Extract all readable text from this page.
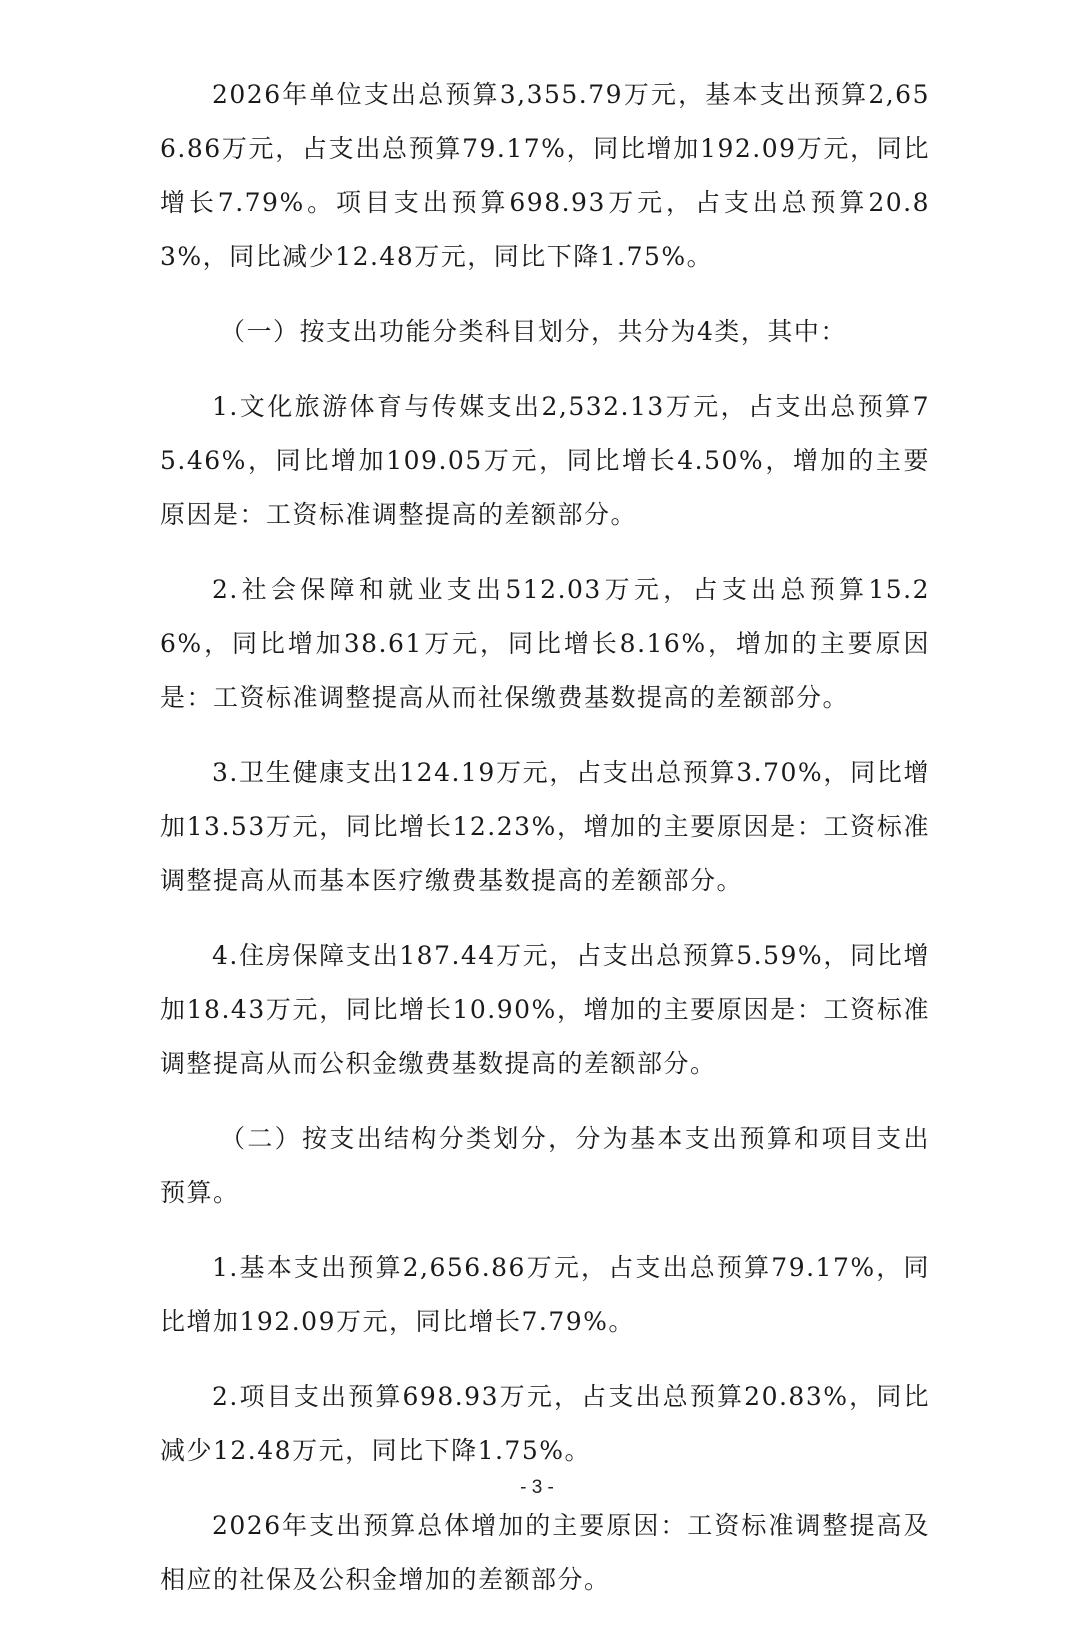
2026年单位支出总预算3,355.79万元，基本支出预算2,656.86万元，占支出总预算79.17%，同比增加192.09万元，同比增长7.79%。项目支出预算698.93万元，占支出总预算20.83%，同比减少12.48万元，同比下降1.75%。

（一）按支出功能分类科目划分，共分为4类，其中：

1.文化旅游体育与传媒支出2,532.13万元，占支出总预算75.46%，同比增加109.05万元，同比增长4.50%，增加的主要原因是：工资标准调整提高的差额部分。

2.社会保障和就业支出512.03万元，占支出总预算15.26%，同比增加38.61万元，同比增长8.16%，增加的主要原因是：工资标准调整提高从而社保缴费基数提高的差额部分。

3.卫生健康支出124.19万元，占支出总预算3.70%，同比增加13.53万元，同比增长12.23%，增加的主要原因是：工资标准调整提高从而基本医疗缴费基数提高的差额部分。

4.住房保障支出187.44万元，占支出总预算5.59%，同比增加18.43万元，同比增长10.90%，增加的主要原因是：工资标准调整提高从而公积金缴费基数提高的差额部分。

（二）按支出结构分类划分，分为基本支出预算和项目支出预算。

1.基本支出预算2,656.86万元，占支出总预算79.17%，同比增加192.09万元，同比增长7.79%。

2.项目支出预算698.93万元，占支出总预算20.83%，同比减少12.48万元，同比下降1.75%。

2026年支出预算总体增加的主要原因：工资标准调整提高及相应的社保及公积金增加的差额部分。

- 3 -
